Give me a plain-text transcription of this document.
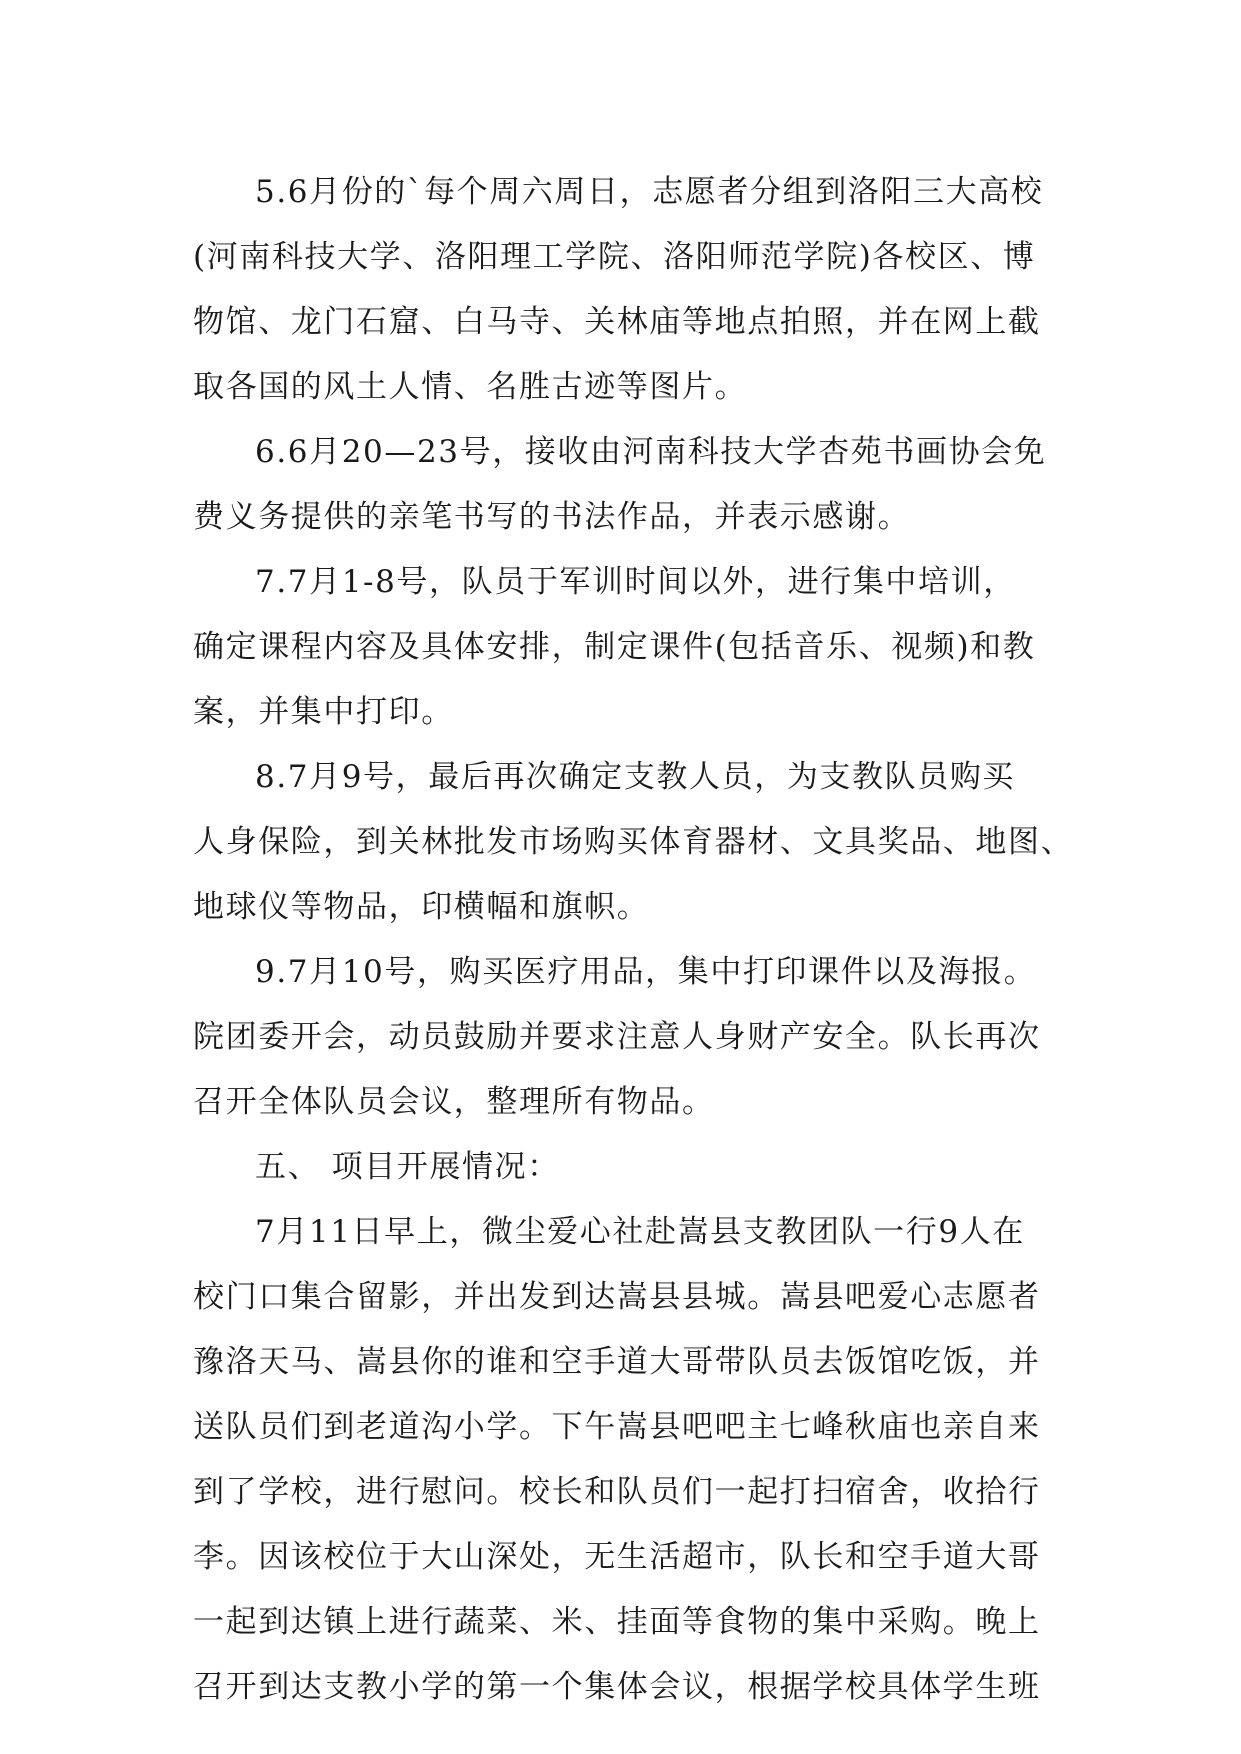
5.6月份的`每个周六周日，志愿者分组到洛阳三大高校
(河南科技大学、洛阳理工学院、洛阳师范学院)各校区、博
物馆、龙门石窟、白马寺、关林庙等地点拍照，并在网上截
取各国的风土人情、名胜古迹等图片。
6.6月20—23号，接收由河南科技大学杏苑书画协会免
费义务提供的亲笔书写的书法作品，并表示感谢。
7.7月1-8号，队员于军训时间以外，进行集中培训，
确定课程内容及具体安排，制定课件(包括音乐、视频)和教
案，并集中打印。
8.7月9号，最后再次确定支教人员，为支教队员购买
人身保险，到关林批发市场购买体育器材、文具奖品、地图、
地球仪等物品，印横幅和旗帜。
9.7月10号，购买医疗用品，集中打印课件以及海报。
院团委开会，动员鼓励并要求注意人身财产安全。队长再次
召开全体队员会议，整理所有物品。
五、 项目开展情况：
7月11日早上，微尘爱心社赴嵩县支教团队一行9人在
校门口集合留影，并出发到达嵩县县城。嵩县吧爱心志愿者
豫洛天马、嵩县你的谁和空手道大哥带队员去饭馆吃饭，并
送队员们到老道沟小学。下午嵩县吧吧主七峰秋庙也亲自来
到了学校，进行慰问。校长和队员们一起打扫宿舍，收拾行
李。因该校位于大山深处，无生活超市，队长和空手道大哥
一起到达镇上进行蔬菜、米、挂面等食物的集中采购。晚上
召开到达支教小学的第一个集体会议，根据学校具体学生班
